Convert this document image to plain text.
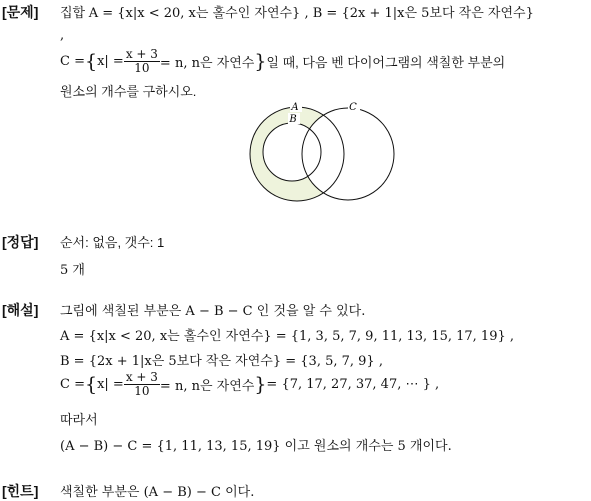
[문제] 집합 A = {x|x < 20, x는 홀수인 자연수} , B = {2x + 1|x은 5보다 작은 자연수}
,
$C =\{x| = \frac{x + 3}{10} = n$, n은 자연수}일 때, 다음 벤 다이어그램의 색칠한 부분의
원소의 개수를 구하시오.
A
B
C
[정답] 순서: 없음, 갯수: 1
5 개
[해설] 그림에 색칠된 부분은 A − B − C 인 것을 알 수 있다.
A = {x|x < 20, x는 홀수인 자연수} = {1, 3, 5, 7, 9, 11, 13, 15, 17, 19} ,
B = {2x + 1|x은 5보다 작은 자연수} = {3, 5, 7, 9} ,
$C =\{x| = \frac{x + 3}{10} = n$, n은 자연수}= {7, 17, 27, 37, 47, ⋯ } ,
따라서
(A − B) − C = {1, 11, 13, 15, 19} 이고 원소의 개수는 5 개이다.
[힌트] 색칠한 부분은 (A − B) − C 이다.
